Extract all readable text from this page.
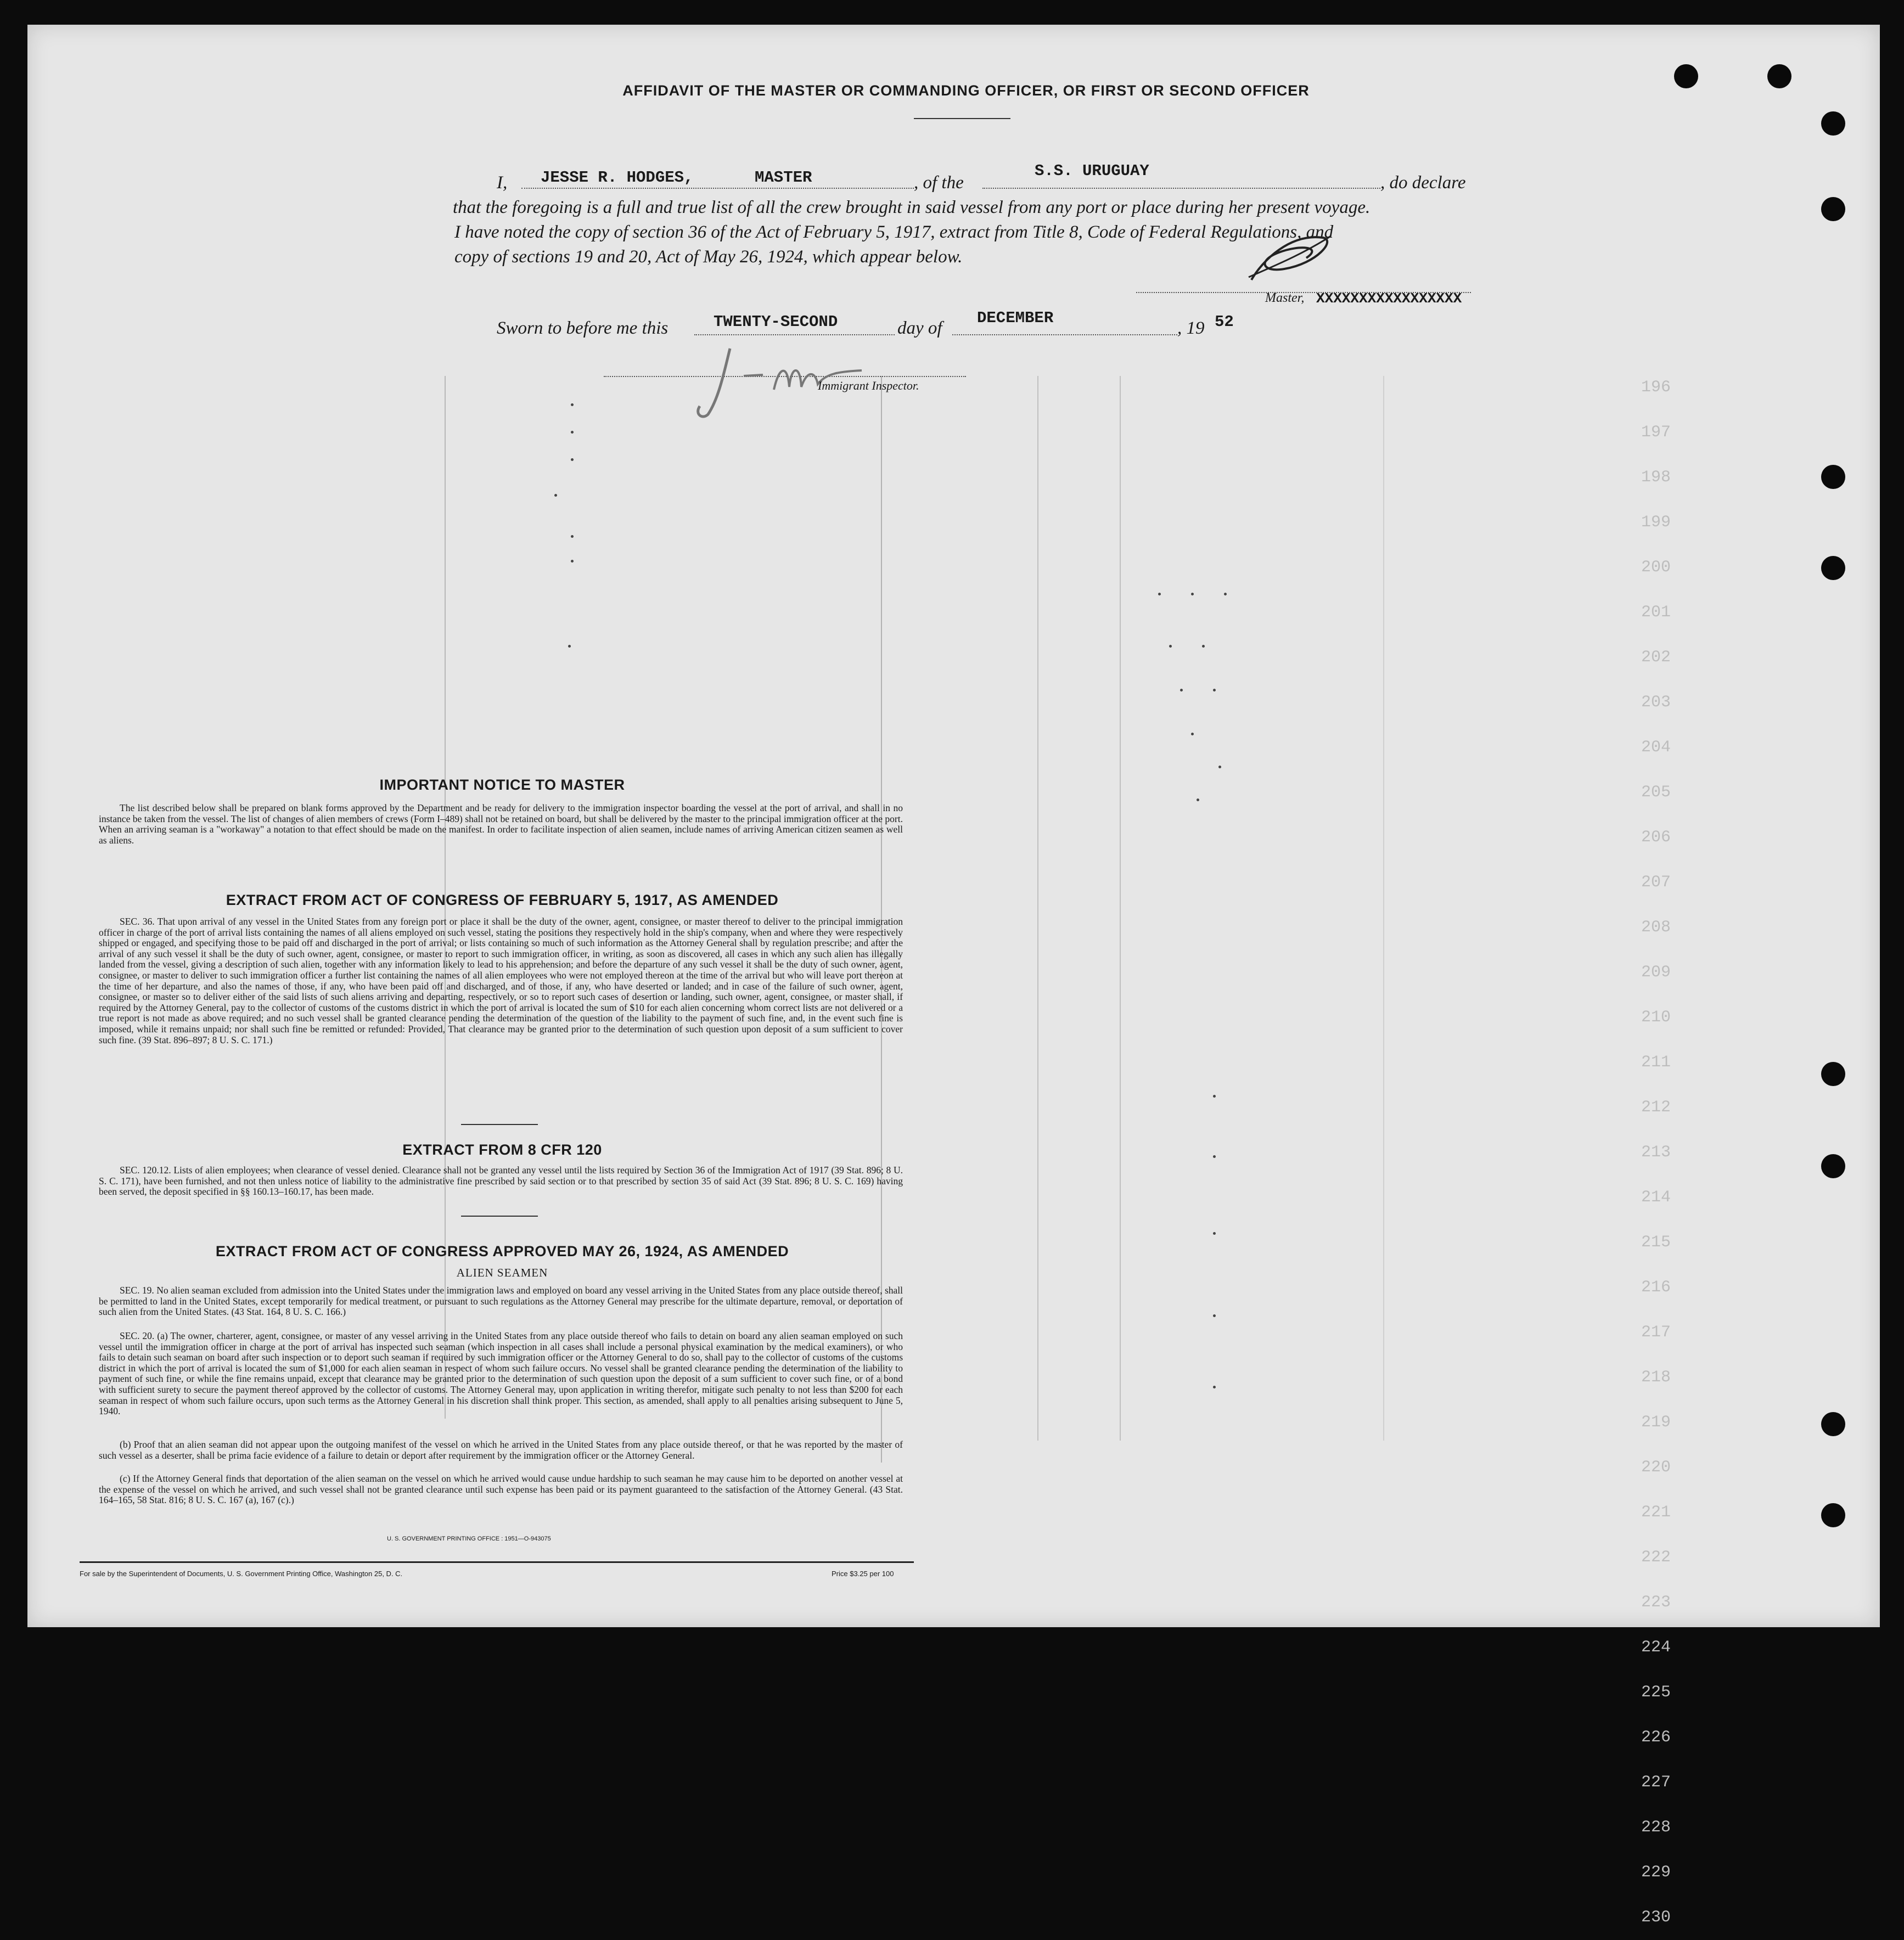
196
197
198
199
200
201
202
203
204
205
206
207
208
209
210
211
212
213
214
215
216
217
218
219
220
221
222
223
224
225
226
227
228
229
230
AFFIDAVIT OF THE MASTER OR COMMANDING OFFICER, OR FIRST OR SECOND OFFICER
I, JESSE R. HODGES,	MASTER	, of the
S.S. URUGUAY
, do declare
that the foregoing is a full and true list of all the crew brought in said vessel from any port or place during her present voyage.
I have noted the copy of section 36 of the Act of February 5, 1917, extract from Title 8, Code of Federal Regulations, and
copy of sections 19 and 20, Act of May 26, 1924, which appear below.
Master, XXXXXXXXXXXXXXXXX
Sworn to before me this	TWENTY-SECOND	day of
DECEMBER
, 19 52
Immigrant Inspector.
IMPORTANT NOTICE TO MASTER
The list described below shall be prepared on blank forms approved by the Department and be ready for delivery to the immigration inspector boarding the vessel at the port of arrival, and shall in no instance be taken from the vessel. The list of changes of alien members of crews (Form I–489) shall not be retained on board, but shall be delivered by the master to the principal immigration officer at the port. When an arriving seaman is a "workaway" a notation to that effect should be made on the manifest. In order to facilitate inspection of alien seamen, include names of arriving American citizen seamen as well as aliens.
EXTRACT FROM ACT OF CONGRESS OF FEBRUARY 5, 1917, AS AMENDED
SEC. 36. That upon arrival of any vessel in the United States from any foreign port or place it shall be the duty of the owner, agent, consignee, or master thereof to deliver to the principal immigration officer in charge of the port of arrival lists containing the names of all aliens employed on such vessel, stating the positions they respectively hold in the ship's company, when and where they were respectively shipped or engaged, and specifying those to be paid off and discharged in the port of arrival; or lists containing so much of such information as the Attorney General shall by regulation prescribe; and after the arrival of any such vessel it shall be the duty of such owner, agent, consignee, or master to report to such immigration officer, in writing, as soon as discovered, all cases in which any such alien has illegally landed from the vessel, giving a description of such alien, together with any information likely to lead to his apprehension; and before the departure of any such vessel it shall be the duty of such owner, agent, consignee, or master to deliver to such immigration officer a further list containing the names of all alien employees who were not employed thereon at the time of the arrival but who will leave port thereon at the time of her departure, and also the names of those, if any, who have been paid off and discharged, and of those, if any, who have deserted or landed; and in case of the failure of such owner, agent, consignee, or master so to deliver either of the said lists of such aliens arriving and departing, respectively, or so to report such cases of desertion or landing, such owner, agent, consignee, or master shall, if required by the Attorney General, pay to the collector of customs of the customs district in which the port of arrival is located the sum of $10 for each alien concerning whom correct lists are not delivered or a true report is not made as above required; and no such vessel shall be granted clearance pending the determination of the question of the liability to the payment of such fine, and, in the event such fine is imposed, while it remains unpaid; nor shall such fine be remitted or refunded: Provided, That clearance may be granted prior to the determination of such question upon deposit of a sum sufficient to cover such fine. (39 Stat. 896–897; 8 U. S. C. 171.)
EXTRACT FROM 8 CFR 120
SEC. 120.12. Lists of alien employees; when clearance of vessel denied. Clearance shall not be granted any vessel until the lists required by Section 36 of the Immigration Act of 1917 (39 Stat. 896; 8 U. S. C. 171), have been furnished, and not then unless notice of liability to the administrative fine prescribed by said section or to that prescribed by section 35 of said Act (39 Stat. 896; 8 U. S. C. 169) having been served, the deposit specified in §§ 160.13–160.17, has been made.
EXTRACT FROM ACT OF CONGRESS APPROVED MAY 26, 1924, AS AMENDED
ALIEN SEAMEN
SEC. 19. No alien seaman excluded from admission into the United States under the immigration laws and employed on board any vessel arriving in the United States from any place outside thereof, shall be permitted to land in the United States, except temporarily for medical treatment, or pursuant to such regulations as the Attorney General may prescribe for the ultimate departure, removal, or deportation of such alien from the United States. (43 Stat. 164, 8 U. S. C. 166.)
SEC. 20. (a) The owner, charterer, agent, consignee, or master of any vessel arriving in the United States from any place outside thereof who fails to detain on board any alien seaman employed on such vessel until the immigration officer in charge at the port of arrival has inspected such seaman (which inspection in all cases shall include a personal physical examination by the medical examiners), or who fails to detain such seaman on board after such inspection or to deport such seaman if required by such immigration officer or the Attorney General to do so, shall pay to the collector of customs of the customs district in which the port of arrival is located the sum of $1,000 for each alien seaman in respect of whom such failure occurs. No vessel shall be granted clearance pending the determination of the liability to payment of such fine, or while the fine remains unpaid, except that clearance may be granted prior to the determination of such question upon the deposit of a sum sufficient to cover such fine, or of a bond with sufficient surety to secure the payment thereof approved by the collector of customs. The Attorney General may, upon application in writing therefor, mitigate such penalty to not less than $200 for each seaman in respect of whom such failure occurs, upon such terms as the Attorney General in his discretion shall think proper. This section, as amended, shall apply to all penalties arising subsequent to June 5, 1940.
(b) Proof that an alien seaman did not appear upon the outgoing manifest of the vessel on which he arrived in the United States from any place outside thereof, or that he was reported by the master of such vessel as a deserter, shall be prima facie evidence of a failure to detain or deport after requirement by the immigration officer or the Attorney General.
(c) If the Attorney General finds that deportation of the alien seaman on the vessel on which he arrived would cause undue hardship to such seaman he may cause him to be deported on another vessel at the expense of the vessel on which he arrived, and such vessel shall not be granted clearance until such expense has been paid or its payment guaranteed to the satisfaction of the Attorney General. (43 Stat. 164–165, 58 Stat. 816; 8 U. S. C. 167 (a), 167 (c).)
U. S. GOVERNMENT PRINTING OFFICE : 1951—O-943075
For sale by the Superintendent of Documents, U. S. Government Printing Office, Washington 25, D. C.	Price $3.25 per 100
